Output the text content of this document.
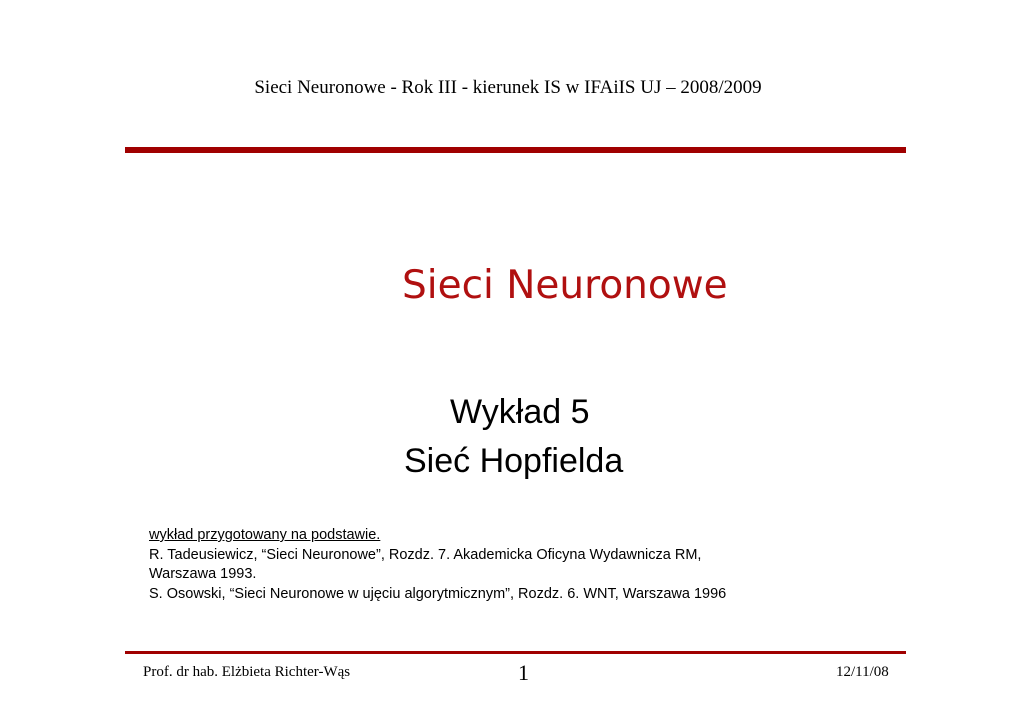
Sieci Neuronowe - Rok III - kierunek IS w IFAiIS UJ – 2008/2009
Sieci Neuronowe
Wykład 5
Sieć Hopfielda
wykład przygotowany na podstawie.
R. Tadeusiewicz, “Sieci Neuronowe”, Rozdz. 7. Akademicka Oficyna Wydawnicza RM,
Warszawa 1993.
S. Osowski, “Sieci Neuronowe w ujęciu algorytmicznym”, Rozdz. 6. WNT, Warszawa 1996
Prof. dr hab. Elżbieta Richter-Wąs	1	12/11/08
